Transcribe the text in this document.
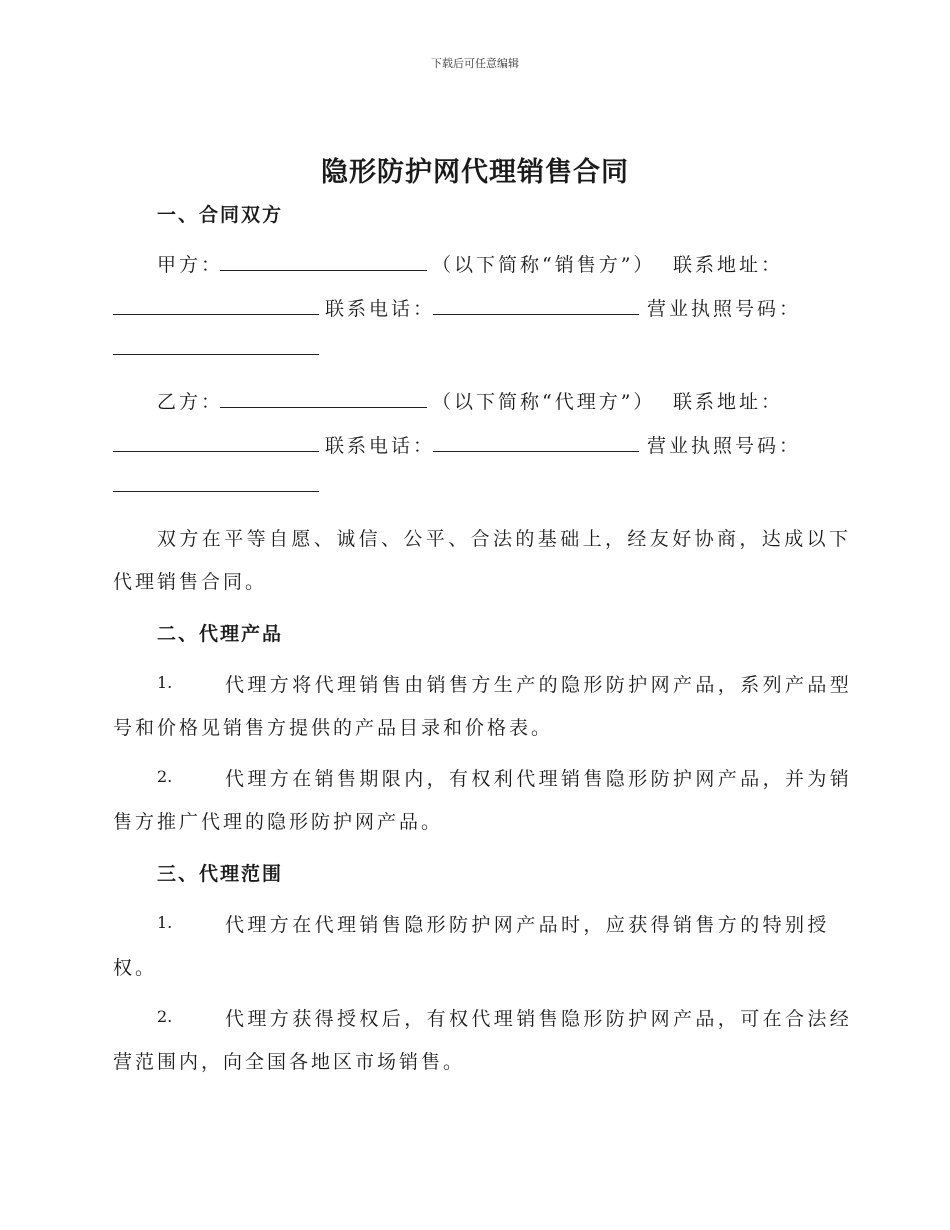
下载后可任意编辑
隐形防护网代理销售合同
一、合同双方
甲方：	（以下简称“销售方”） 联系地址：
联系电话：	营业执照号码：
乙方：	（以下简称“代理方”） 联系地址：
联系电话：	营业执照号码：
双方在平等自愿、诚信、公平、合法的基础上，经友好协商，达成以下
代理销售合同。
二、代理产品
1.	代理方将代理销售由销售方生产的隐形防护网产品，系列产品型
号和价格见销售方提供的产品目录和价格表。
2.	代理方在销售期限内，有权利代理销售隐形防护网产品，并为销
售方推广代理的隐形防护网产品。
三、代理范围
1.	代理方在代理销售隐形防护网产品时，应获得销售方的特别授
权。
2.	代理方获得授权后，有权代理销售隐形防护网产品，可在合法经
营范围内，向全国各地区市场销售。
